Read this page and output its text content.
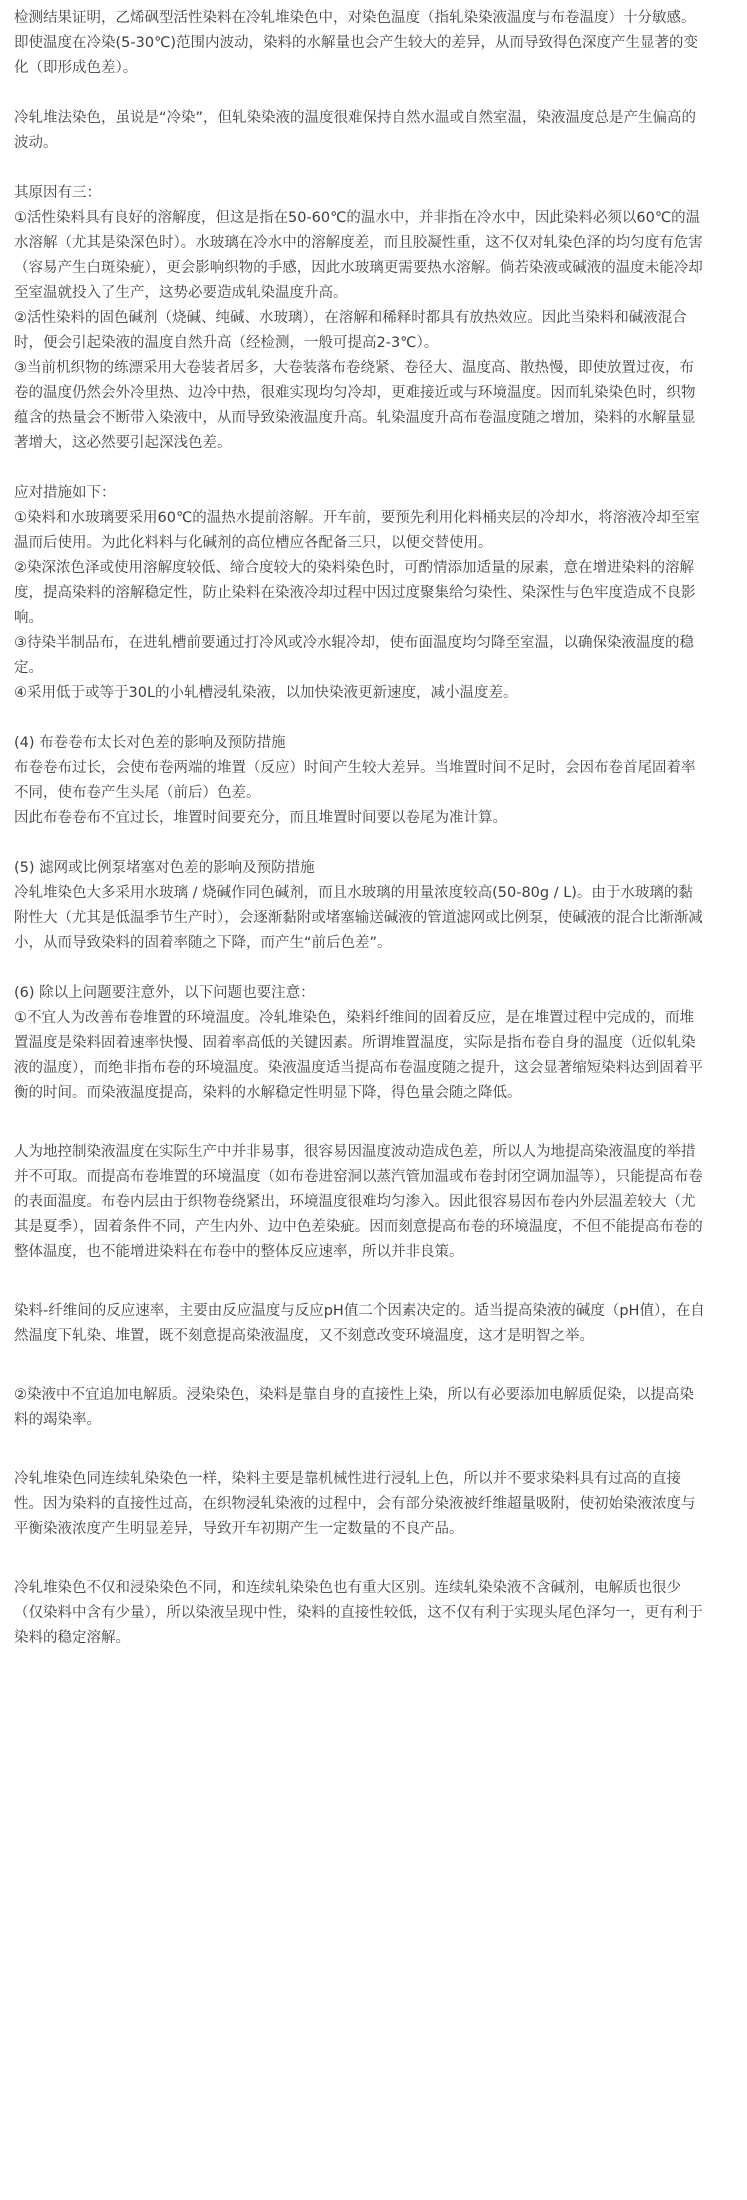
检测结果证明，乙烯砜型活性染料在冷轧堆染色中，对染色温度（指轧染染液温度与布卷温度）十分敏感。即使温度在冷染(5-30℃)范围内波动，染料的水解量也会产生较大的差异，从而导致得色深度产生显著的变化（即形成色差）。

冷轧堆法染色，虽说是“冷染”，但轧染染液的温度很难保持自然水温或自然室温，染液温度总是产生偏高的波动。

其原因有三：

①活性染料具有良好的溶解度，但这是指在50-60℃的温水中，并非指在冷水中，因此染料必须以60℃的温水溶解（尤其是染深色时）。水玻璃在冷水中的溶解度差，而且胶凝性重，这不仅对轧染色泽的均匀度有危害（容易产生白斑染疵），更会影响织物的手感，因此水玻璃更需要热水溶解。倘若染液或碱液的温度未能冷却至室温就投入了生产，这势必要造成轧染温度升高。

②活性染料的固色碱剂（烧碱、纯碱、水玻璃），在溶解和稀释时都具有放热效应。因此当染料和碱液混合时，便会引起染液的温度自然升高（经检测，一般可提高2-3℃）。

③当前机织物的练漂采用大卷装者居多，大卷装落布卷绕紧、卷径大、温度高、散热慢，即使放置过夜，布卷的温度仍然会外冷里热、边冷中热，很难实现均匀冷却，更难接近或与环境温度。因而轧染染色时，织物蕴含的热量会不断带入染液中，从而导致染液温度升高。轧染温度升高布卷温度随之增加，染料的水解量显著增大，这必然要引起深浅色差。

应对措施如下：

①染料和水玻璃要采用60℃的温热水提前溶解。开车前，要预先利用化料桶夹层的冷却水，将溶液冷却至室温而后使用。为此化料料与化碱剂的高位槽应各配备三只，以便交替使用。

②染深浓色泽或使用溶解度较低、缔合度较大的染料染色时，可酌情添加适量的尿素，意在增进染料的溶解度，提高染料的溶解稳定性，防止染料在染液冷却过程中因过度聚集给匀染性、染深性与色牢度造成不良影响。

③待染半制品布，在进轧槽前要通过打冷风或冷水辊冷却，使布面温度均匀降至室温，以确保染液温度的稳定。

④采用低于或等于30L的小轧槽浸轧染液，以加快染液更新速度，减小温度差。

(4) 布卷卷布太长对色差的影响及预防措施

布卷卷布过长，会使布卷两端的堆置（反应）时间产生较大差异。当堆置时间不足时，会因布卷首尾固着率不同，使布卷产生头尾（前后）色差。

因此布卷卷布不宜过长，堆置时间要充分，而且堆置时间要以卷尾为准计算。

(5) 滤网或比例泵堵塞对色差的影响及预防措施

冷轧堆染色大多采用水玻璃 / 烧碱作同色碱剂，而且水玻璃的用量浓度较高(50-80g / L)。由于水玻璃的黏附性大（尤其是低温季节生产时），会逐渐黏附或堵塞输送碱液的管道滤网或比例泵，使碱液的混合比渐渐减小，从而导致染料的固着率随之下降，而产生“前后色差”。

(6) 除以上问题要注意外，以下问题也要注意：

①不宜人为改善布卷堆置的环境温度。冷轧堆染色，染料纤维间的固着反应，是在堆置过程中完成的，而堆置温度是染料固着速率快慢、固着率高低的关键因素。所谓堆置温度，实际是指布卷自身的温度（近似轧染液的温度），而绝非指布卷的环境温度。染液温度适当提高布卷温度随之提升，这会显著缩短染料达到固着平衡的时间。而染液温度提高，染料的水解稳定性明显下降，得色量会随之降低。

人为地控制染液温度在实际生产中并非易事，很容易因温度波动造成色差，所以人为地提高染液温度的举措并不可取。而提高布卷堆置的环境温度（如布卷进窑洞以蒸汽管加温或布卷封闭空调加温等），只能提高布卷的表面温度。布卷内层由于织物卷绕紧出，环境温度很难均匀渗入。因此很容易因布卷内外层温差较大（尤其是夏季），固着条件不同，产生内外、边中色差染疵。因而刻意提高布卷的环境温度，不但不能提高布卷的整体温度，也不能增进染料在布卷中的整体反应速率，所以并非良策。

染料-纤维间的反应速率，主要由反应温度与反应pH值二个因素决定的。适当提高染液的碱度（pH值），在自然温度下轧染、堆置，既不刻意提高染液温度，又不刻意改变环境温度，这才是明智之举。

②染液中不宜追加电解质。浸染染色，染料是靠自身的直接性上染，所以有必要添加电解质促染，以提高染料的竭染率。

冷轧堆染色同连续轧染染色一样，染料主要是靠机械性进行浸轧上色，所以并不要求染料具有过高的直接性。因为染料的直接性过高，在织物浸轧染液的过程中，会有部分染液被纤维超量吸附，使初始染液浓度与平衡染液浓度产生明显差异，导致开车初期产生一定数量的不良产品。

冷轧堆染色不仅和浸染染色不同，和连续轧染染色也有重大区别。连续轧染染液不含碱剂，电解质也很少（仅染料中含有少量），所以染液呈现中性，染料的直接性较低，这不仅有利于实现头尾色泽匀一，更有利于染料的稳定溶解。
